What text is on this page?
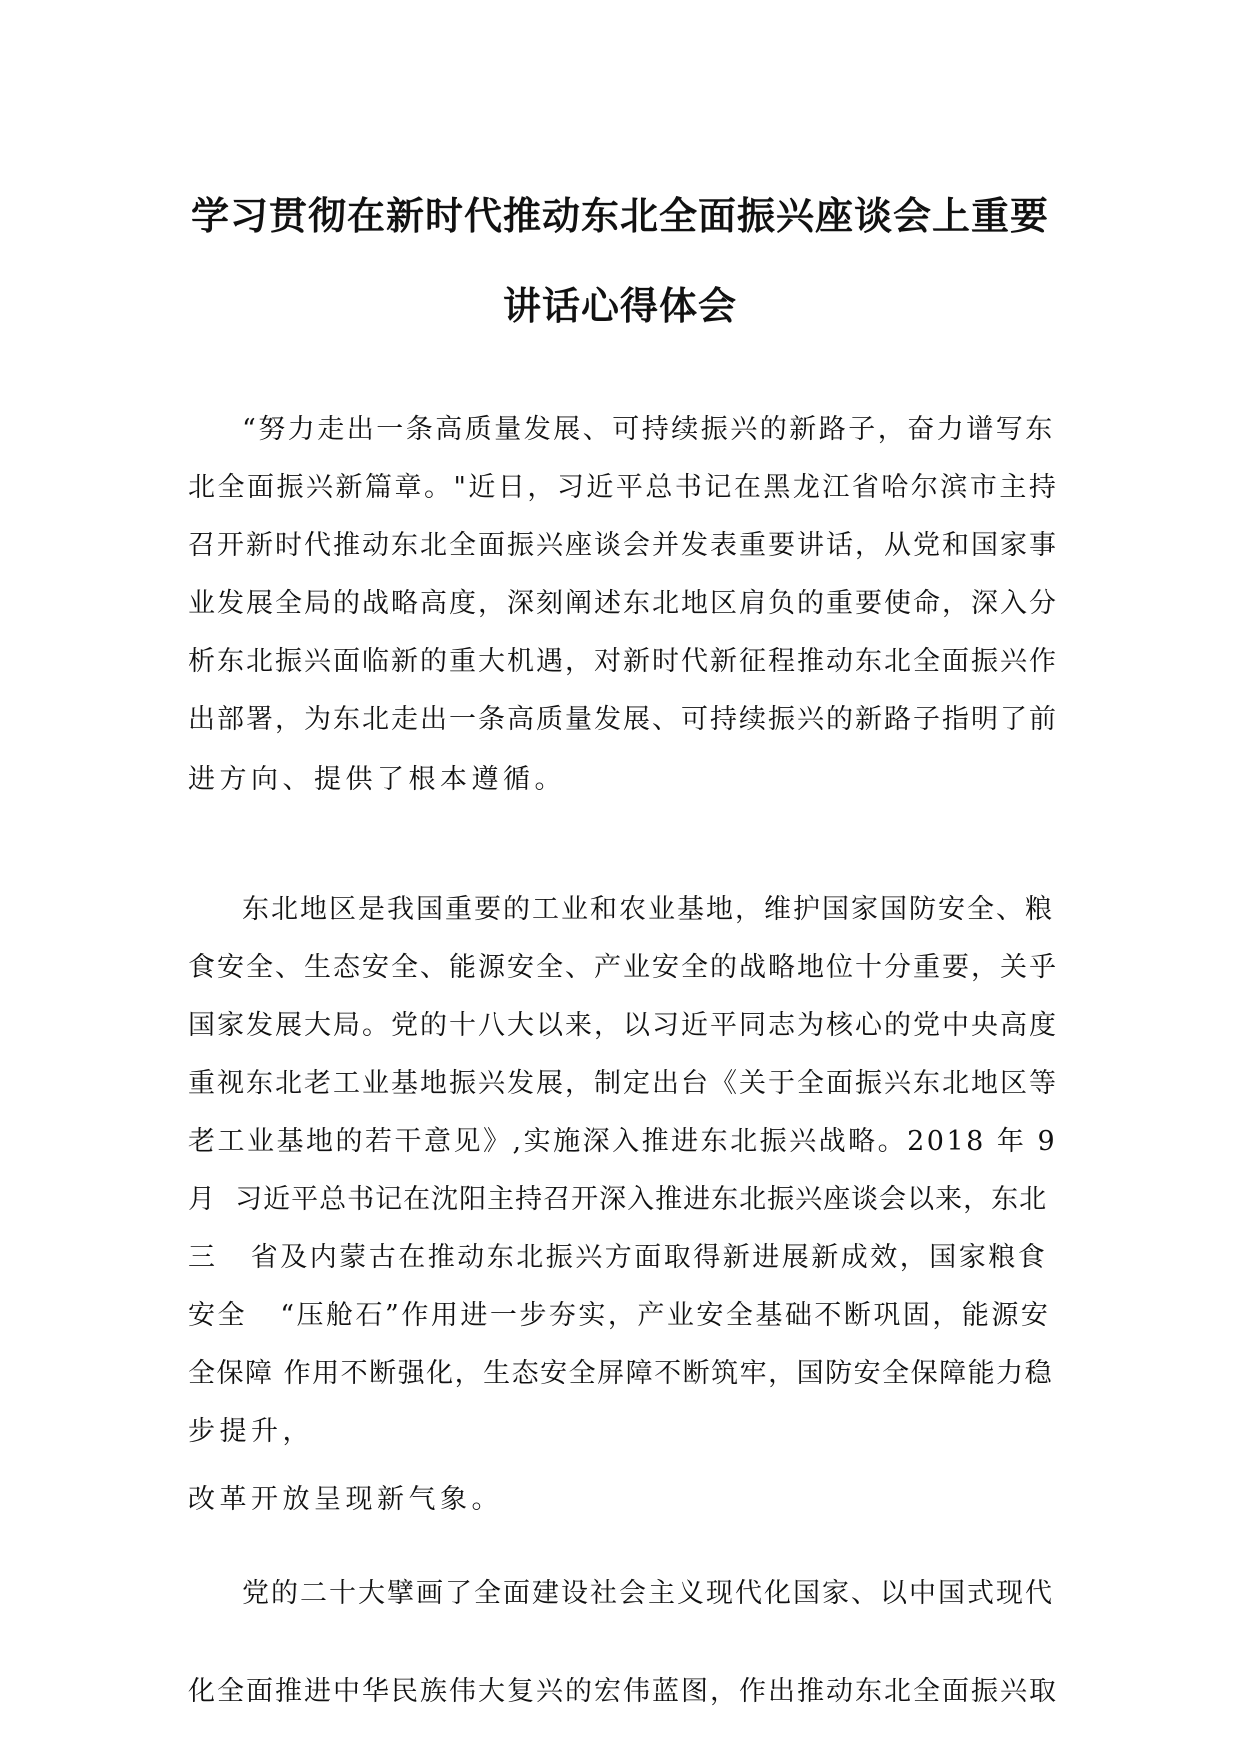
学习贯彻在新时代推动东北全面振兴座谈会上重要
讲话心得体会

“努力走出一条高质量发展、可持续振兴的新路子，奋力谱写东

北全面振兴新篇章。"近日，习近平总书记在黑龙江省哈尔滨市主持

召开新时代推动东北全面振兴座谈会并发表重要讲话，从党和国家事

业发展全局的战略高度，深刻阐述东北地区肩负的重要使命，深入分

析东北振兴面临新的重大机遇，对新时代新征程推动东北全面振兴作

出部署，为东北走出一条高质量发展、可持续振兴的新路子指明了前

进方向、提供了根本遵循。

东北地区是我国重要的工业和农业基地，维护国家国防安全、粮

食安全、生态安全、能源安全、产业安全的战略地位十分重要，关乎

国家发展大局。党的十八大以来，以习近平同志为核心的党中央高度

重视东北老工业基地振兴发展，制定出台《关于全面振兴东北地区等

老工业基地的若干意见》,实施深入推进东北振兴战略。2018 年 9

月  习近平总书记在沈阳主持召开深入推进东北振兴座谈会以来，东北

三   省及内蒙古在推动东北振兴方面取得新进展新成效，国家粮食

安全   “压舱石”作用进一步夯实，产业安全基础不断巩固，能源安

全保障 作用不断强化，生态安全屏障不断筑牢，国防安全保障能力稳

步提升，

改革开放呈现新气象。

党的二十大擘画了全面建设社会主义现代化国家、以中国式现代

化全面推进中华民族伟大复兴的宏伟蓝图，作出推动东北全面振兴取
